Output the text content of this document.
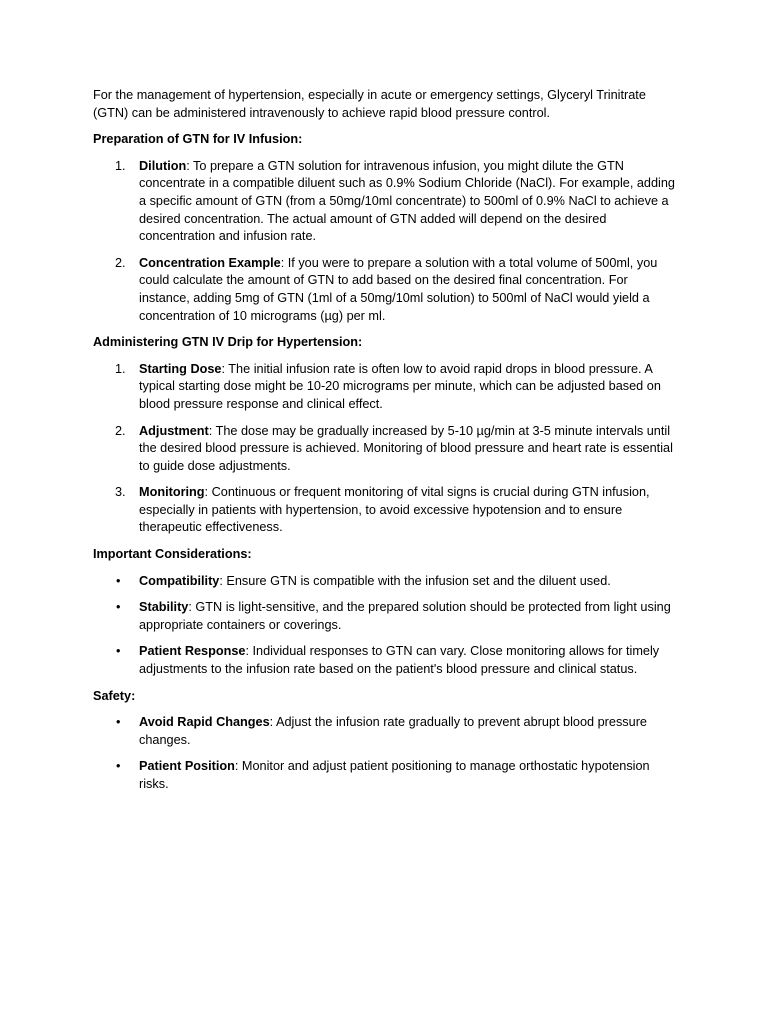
For the management of hypertension, especially in acute or emergency settings, Glyceryl Trinitrate (GTN) can be administered intravenously to achieve rapid blood pressure control.

Preparation of GTN for IV Infusion:

1. Dilution: To prepare a GTN solution for intravenous infusion, you might dilute the GTN concentrate in a compatible diluent such as 0.9% Sodium Chloride (NaCl). For example, adding a specific amount of GTN (from a 50mg/10ml concentrate) to 500ml of 0.9% NaCl to achieve a desired concentration. The actual amount of GTN added will depend on the desired concentration and infusion rate.
2. Concentration Example: If you were to prepare a solution with a total volume of 500ml, you could calculate the amount of GTN to add based on the desired final concentration. For instance, adding 5mg of GTN (1ml of a 50mg/10ml solution) to 500ml of NaCl would yield a concentration of 10 micrograms (µg) per ml.

Administering GTN IV Drip for Hypertension:

1. Starting Dose: The initial infusion rate is often low to avoid rapid drops in blood pressure. A typical starting dose might be 10-20 micrograms per minute, which can be adjusted based on blood pressure response and clinical effect.
2. Adjustment: The dose may be gradually increased by 5-10 µg/min at 3-5 minute intervals until the desired blood pressure is achieved. Monitoring of blood pressure and heart rate is essential to guide dose adjustments.
3. Monitoring: Continuous or frequent monitoring of vital signs is crucial during GTN infusion, especially in patients with hypertension, to avoid excessive hypotension and to ensure therapeutic effectiveness.

Important Considerations:

• Compatibility: Ensure GTN is compatible with the infusion set and the diluent used.
• Stability: GTN is light-sensitive, and the prepared solution should be protected from light using appropriate containers or coverings.
• Patient Response: Individual responses to GTN can vary. Close monitoring allows for timely adjustments to the infusion rate based on the patient's blood pressure and clinical status.

Safety:

• Avoid Rapid Changes: Adjust the infusion rate gradually to prevent abrupt blood pressure changes.
• Patient Position: Monitor and adjust patient positioning to manage orthostatic hypotension risks.
